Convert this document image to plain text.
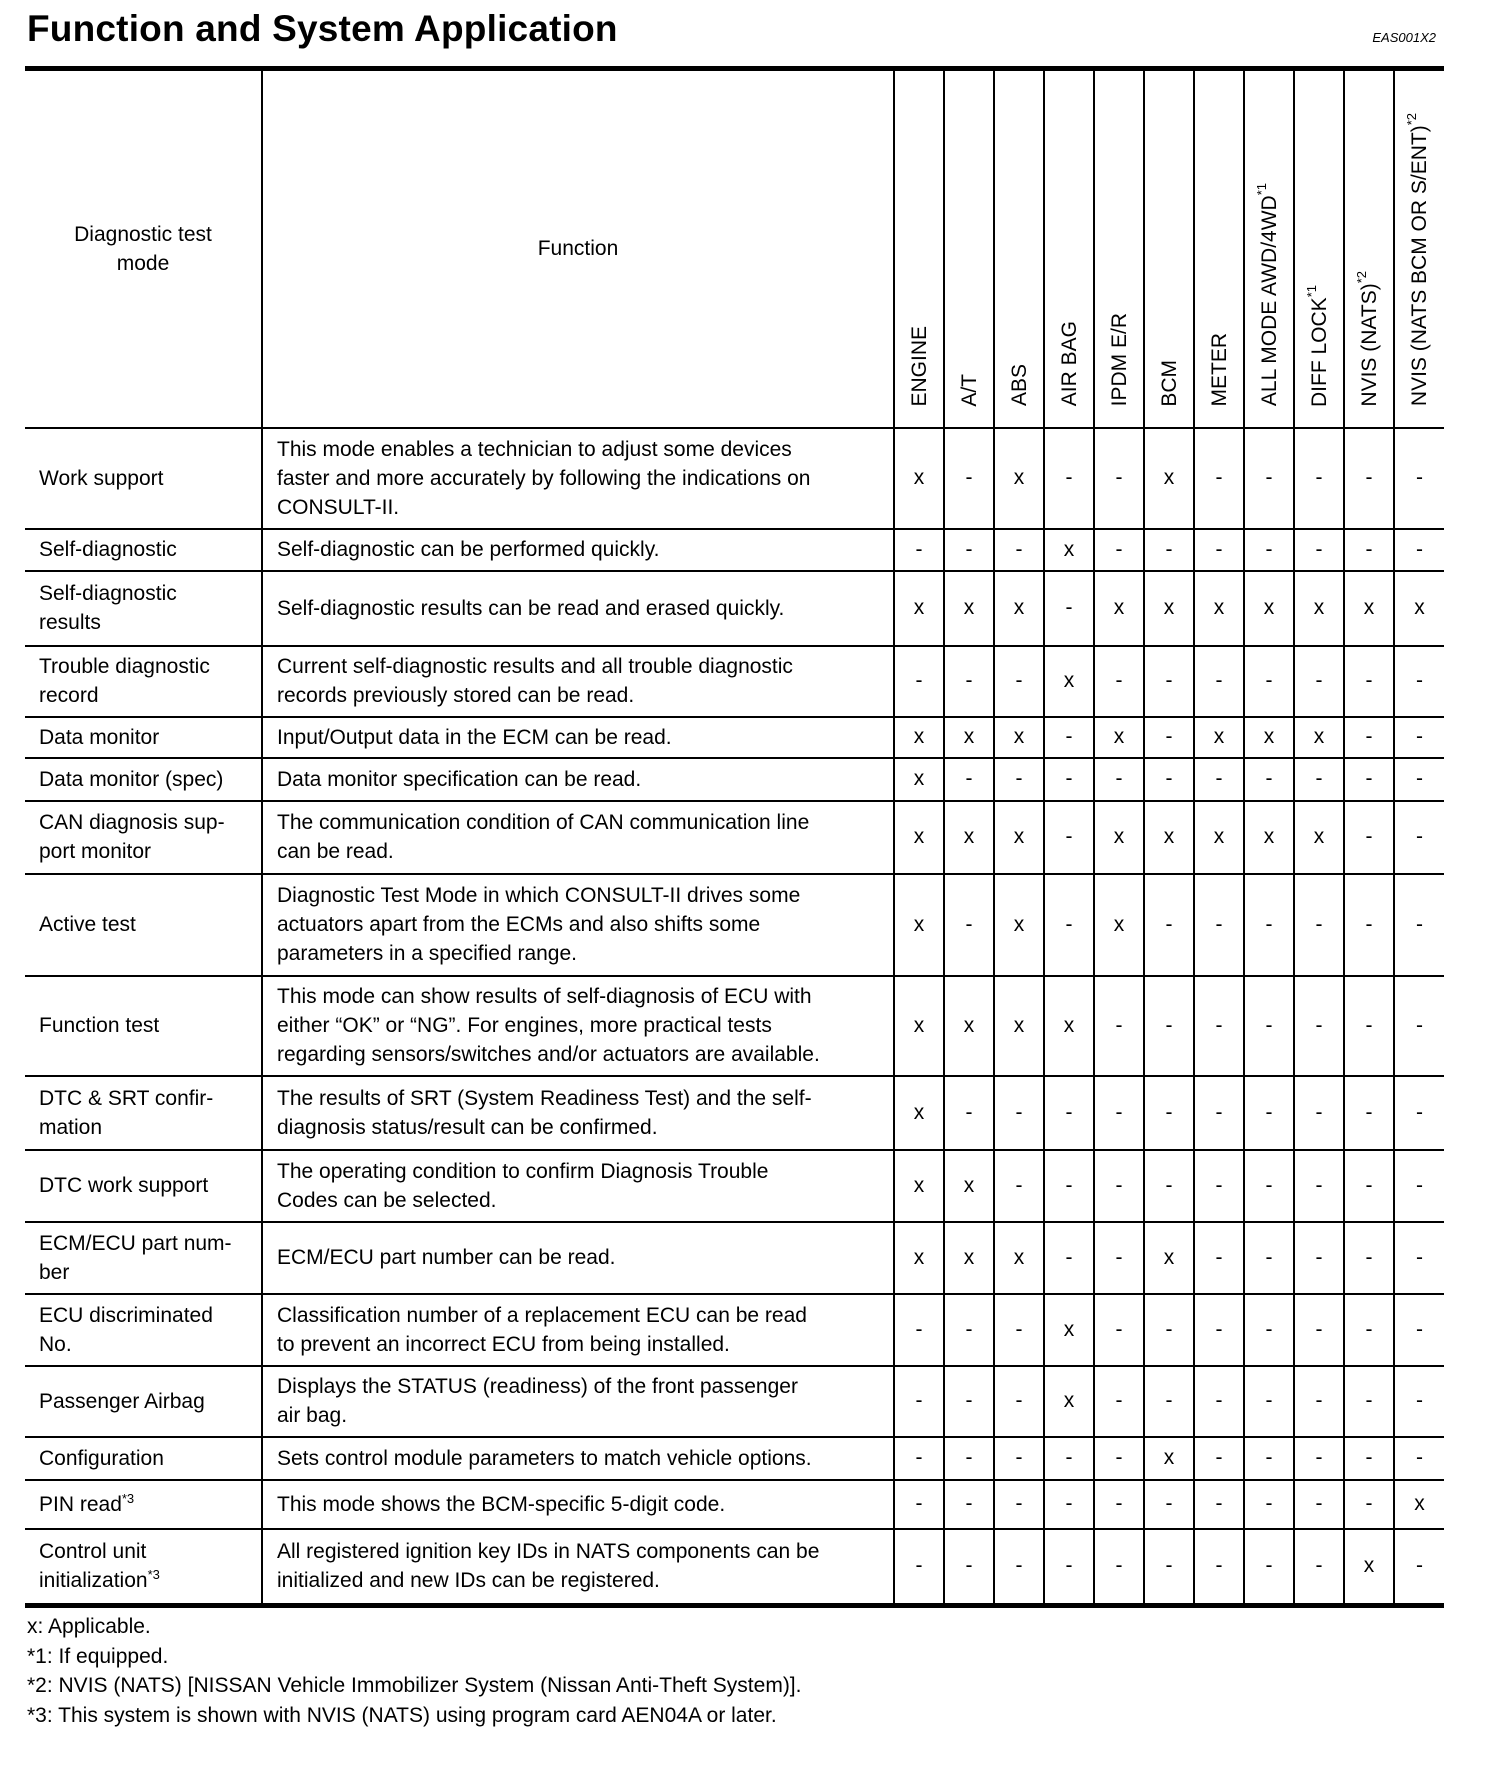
Function and System Application	EAS001X2
Diagnostic test
mode	Function	ENGINE	A/T	ABS	AIR BAG	IPDM E/R	BCM	METER	ALL MODE AWD/4WD$^{*1}$	DIFF LOCK$^{*1}$	NVIS (NATS)$^{*2}$	NVIS (NATS BCM OR S/ENT)$^{*2}$
Work support	This mode enables a technician to adjust some devices
faster and more accurately by following the indications on
CONSULT-II.	x	-	x	-	-	x	-	-	-	-	-
Self-diagnostic	Self-diagnostic can be performed quickly.	-	-	-	x	-	-	-	-	-	-	-
Self-diagnostic
results	Self-diagnostic results can be read and erased quickly.	x	x	x	-	x	x	x	x	x	x	x
Trouble diagnostic
record	Current self-diagnostic results and all trouble diagnostic
records previously stored can be read.	-	-	-	x	-	-	-	-	-	-	-
Data monitor	Input/Output data in the ECM can be read.	x	x	x	-	x	-	x	x	x	-	-
Data monitor (spec)	Data monitor specification can be read.	x	-	-	-	-	-	-	-	-	-	-
CAN diagnosis sup-
port monitor	The communication condition of CAN communication line
can be read.	x	x	x	-	x	x	x	x	x	-	-
Active test	Diagnostic Test Mode in which CONSULT-II drives some
actuators apart from the ECMs and also shifts some
parameters in a specified range.	x	-	x	-	x	-	-	-	-	-	-
Function test	This mode can show results of self-diagnosis of ECU with
either “OK” or “NG”. For engines, more practical tests
regarding sensors/switches and/or actuators are available.	x	x	x	x	-	-	-	-	-	-	-
DTC & SRT confir-
mation	The results of SRT (System Readiness Test) and the self-
diagnosis status/result can be confirmed.	x	-	-	-	-	-	-	-	-	-	-
DTC work support	The operating condition to confirm Diagnosis Trouble
Codes can be selected.	x	x	-	-	-	-	-	-	-	-	-
ECM/ECU part num-
ber	ECM/ECU part number can be read.	x	x	x	-	-	x	-	-	-	-	-
ECU discriminated
No.	Classification number of a replacement ECU can be read
to prevent an incorrect ECU from being installed.	-	-	-	x	-	-	-	-	-	-	-
Passenger Airbag	Displays the STATUS (readiness) of the front passenger
air bag.	-	-	-	x	-	-	-	-	-	-	-
Configuration	Sets control module parameters to match vehicle options.	-	-	-	-	-	x	-	-	-	-	-
PIN read$^{*3}$	This mode shows the BCM-specific 5-digit code.	-	-	-	-	-	-	-	-	-	-	x
Control unit
initialization$^{*3}$	All registered ignition key IDs in NATS components can be
initialized and new IDs can be registered.	-	-	-	-	-	-	-	-	-	x	-
x: Applicable.
*1: If equipped.
*2: NVIS (NATS) [NISSAN Vehicle Immobilizer System (Nissan Anti-Theft System)].
*3: This system is shown with NVIS (NATS) using program card AEN04A or later.
